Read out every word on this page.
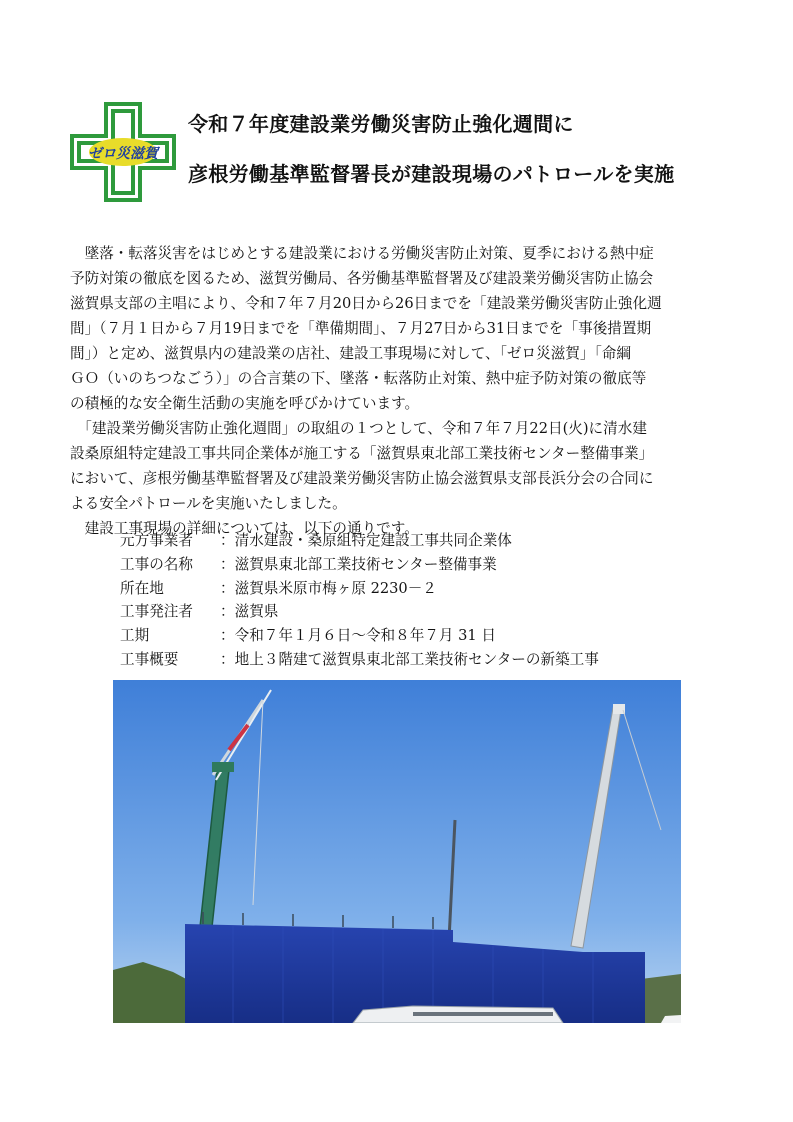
ゼロ災滋賀
令和７年度建設業労働災害防止強化週間に
彦根労働基準監督署長が建設現場のパトロールを実施
　墜落・転落災害をはじめとする建設業における労働災害防止対策、夏季における熱中症
予防対策の徹底を図るため、滋賀労働局、各労働基準監督署及び建設業労働災害防止協会
滋賀県支部の主唱により、令和７年７月20日から26日までを「建設業労働災害防止強化週
間」（７月１日から７月19日までを「準備期間」、７月27日から31日までを「事後措置期
間」）と定め、滋賀県内の建設業の店社、建設工事現場に対して、「ゼロ災滋賀」「命綱
ＧＯ（いのちつなごう）」の合言葉の下、墜落・転落防止対策、熱中症予防対策の徹底等
の積極的な安全衛生活動の実施を呼びかけています。
　「建設業労働災害防止強化週間」の取組の１つとして、令和７年７月22日(火)に清水建
設桑原組特定建設工事共同企業体が施工する「滋賀県東北部工業技術センター整備事業」
において、彦根労働基準監督署及び建設業労働災害防止協会滋賀県支部長浜分会の合同に
よる安全パトロールを実施いたしました。
　建設工事現場の詳細については、以下の通りです。
元方事業者 ：清水建設・桑原組特定建設工事共同企業体
工事の名称 ：滋賀県東北部工業技術センター整備事業
所在地	：滋賀県米原市梅ヶ原 2230－２
工事発注者 ：滋賀県
工期	：令和７年１月６日～令和８年７月 31 日
工事概要	：地上３階建て滋賀県東北部工業技術センターの新築工事
